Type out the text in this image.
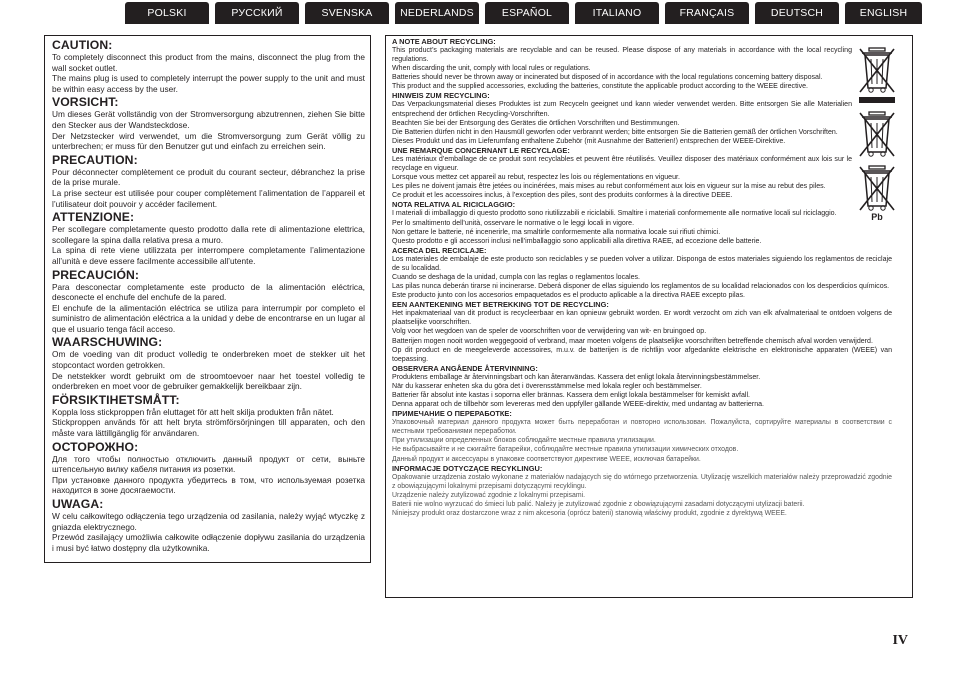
POLSKI	РУССКИЙ	SVENSKA	NEDERLANDS	ESPAÑOL	ITALIANO	FRANÇAIS	DEUTSCH	ENGLISH
CAUTION:

To completely disconnect this product from the mains, disconnect the plug from the wall socket outlet.

The mains plug is used to completely interrupt the power supply to the unit and must be within easy access by the user.

VORSICHT:

Um dieses Gerät vollständig von der Stromversorgung abzutrennen, ziehen Sie bitte den Stecker aus der Wandsteckdose.

Der Netzstecker wird verwendet, um die Stromversorgung zum Gerät völlig zu unterbrechen; er muss für den Benutzer gut und einfach zu erreichen sein.

PRECAUTION:

Pour déconnecter complètement ce produit du courant secteur, débranchez la prise de la prise murale.

La prise secteur est utilisée pour couper complètement l’alimentation de l’appareil et l’utilisateur doit pouvoir y accéder facilement.

ATTENZIONE:

Per scollegare completamente questo prodotto dalla rete di alimentazione elettrica, scollegare la spina dalla relativa presa a muro.

La spina di rete viene utilizzata per interrompere completamente l’alimentazione all’unità e deve essere facilmente accessibile all’utente.

PRECAUCIÓN:

Para desconectar completamente este producto de la alimentación eléctrica, desconecte el enchufe del enchufe de la pared.

El enchufe de la alimentación eléctrica se utiliza para interrumpir por completo el suministro de alimentación eléctrica a la unidad y debe de encontrarse en un lugar al que el usuario tenga fácil acceso.

WAARSCHUWING:

Om de voeding van dit product volledig te onderbreken moet de stekker uit het stopcontact worden getrokken.

De netstekker wordt gebruikt om de stroomtoevoer naar het toestel volledig te onderbreken en moet voor de gebruiker gemakkelijk bereikbaar zijn.

FÖRSIKTIHETSMÅTT:

Koppla loss stickproppen från eluttaget för att helt skilja produkten från nätet.

Stickproppen används för att helt bryta strömförsörjningen till apparaten, och den måste vara lättillgänglig för användaren.

ОСТОРОЖНО:

Для того чтобы полностью отключить данный продукт от сети, выньте штепсельную вилку кабеля питания из розетки.

При установке данного продукта убедитесь в том, что используемая розетка находится в зоне досягаемости.

UWAGA:

W celu całkowitego odłączenia tego urządzenia od zasilania, należy wyjąć wtyczkę z gniazda elektrycznego.

Przewód zasilający umożliwia całkowite odłączenie dopływu zasilania do urządzenia i musi być łatwo dostępny dla użytkownika.

A NOTE ABOUT RECYCLING:

This product’s packaging materials are recyclable and can be reused. Please dispose of any materials in accordance with the local recycling regulations.

When discarding the unit, comply with local rules or regulations.

Batteries should never be thrown away or incinerated but disposed of in accordance with the local regulations concerning battery disposal.

This product and the supplied accessories, excluding the batteries, constitute the applicable product according to the WEEE directive.

HINWEIS ZUM RECYCLING:

Das Verpackungsmaterial dieses Produktes ist zum Recyceln geeignet und kann wieder verwendet werden. Bitte entsorgen Sie alle Materialien entsprechend der örtlichen Recycling-Vorschriften.

Beachten Sie bei der Entsorgung des Gerätes die örtlichen Vorschriften und Bestimmungen.

Die Batterien dürfen nicht in den Hausmüll geworfen oder verbrannt werden; bitte entsorgen Sie die Batterien gemäß der örtlichen Vorschriften.

Dieses Produkt und das im Lieferumfang enthaltene Zubehör (mit Ausnahme der Batterien!) entsprechen der WEEE-Direktive.

UNE REMARQUE CONCERNANT LE RECYCLAGE:

Les matériaux d’emballage de ce produit sont recyclables et peuvent être réutilisés. Veuillez disposer des matériaux conformément aux lois sur le recyclage en vigueur.

Lorsque vous mettez cet appareil au rebut, respectez les lois ou réglementations en vigueur.

Les piles ne doivent jamais être jetées ou incinérées, mais mises au rebut conformément aux lois en vigueur sur la mise au rebut des piles.

Ce produit et les accessoires inclus, à l’exception des piles, sont des produits conformes à la directive DEEE.

NOTA RELATIVA AL RICICLAGGIO:

I materiali di imballaggio di questo prodotto sono riutilizzabili e riciclabili. Smaltire i materiali conformemente alle normative locali sul riciclaggio.

Per lo smaltimento dell’unità, osservare le normative o le leggi locali in vigore.

Non gettare le batterie, né incenerirle, ma smaltirle conformemente alla normativa locale sui rifiuti chimici.

Questo prodotto e gli accessori inclusi nell’imballaggio sono applicabili alla direttiva RAEE, ad eccezione delle batterie.

ACERCA DEL RECICLAJE:

Los materiales de embalaje de este producto son reciclables y se pueden volver a utilizar. Disponga de estos materiales siguiendo los reglamentos de reciclaje de su localidad.

Cuando se deshaga de la unidad, cumpla con las reglas o reglamentos locales.

Las pilas nunca deberán tirarse ni incinerarse. Deberá disponer de ellas siguiendo los reglamentos de su localidad relacionados con los desperdicios químicos.

Este producto junto con los accesorios empaquetados es el producto aplicable a la directiva RAEE excepto pilas.

EEN AANTEKENING MET BETREKKING TOT DE RECYCLING:

Het inpakmateriaal van dit product is recycleerbaar en kan opnieuw gebruikt worden. Er wordt verzocht om zich van elk afvalmateriaal te ontdoen volgens de plaatselijke voorschriften.

Volg voor het wegdoen van de speler de voorschriften voor de verwijdering van wit- en bruingoed op.

Batterijen mogen nooit worden weggegooid of verbrand, maar moeten volgens de plaatselijke voorschriften betreffende chemisch afval worden verwijderd.

Op dit product en de meegeleverde accessoires, m.u.v. de batterijen is de richtlijn voor afgedankte elektrische en elektronische apparaten (WEEE) van toepassing.

OBSERVERA ANGÅENDE ÅTERVINNING:

Produktens emballage är återvinningsbart och kan återanvändas. Kassera det enligt lokala återvinningsbestämmelser.

När du kasserar enheten ska du göra det i överensstämmelse med lokala regler och bestämmelser.

Batterier får absolut inte kastas i soporna eller brännas. Kassera dem enligt lokala bestämmelser för kemiskt avfall.

Denna apparat och de tillbehör som levereras med den uppfyller gällande WEEE-direktiv, med undantag av batterierna.

ПРИМЕЧАНИЕ О ПЕРЕРАБОТКЕ:

Упаковочный материал данного продукта может быть переработан и повторно использован. Пожалуйста, сортируйте материалы в соответствии с местными требованиями переработки.

При утилизации определенных блоков соблюдайте местные правила утилизации.

Не выбрасывайте и не сжигайте батарейки, соблюдайте местные правила утилизации химических отходов.

Данный продукт и аксессуары в упаковке соответствуют директиве WEEE, исключая батарейки.

INFORMACJE DOTYCZĄCE RECYKLINGU:

Opakowanie urządzenia zostało wykonane z materiałów nadających się do wtórnego przetworzenia. Utylizację wszelkich materiałów należy przeprowadzić zgodnie z obowiązującymi lokalnymi przepisami dotyczącymi recyklingu.

Urządzenie należy zutylizować zgodnie z lokalnymi przepisami.

Baterii nie wolno wyrzucać do śmieci lub palić. Należy je zutylizować zgodnie z obowiązującymi zasadami dotyczącymi utylizacji baterii.

Niniejszy produkt oraz dostarczone wraz z nim akcesoria (oprócz baterii) stanowią właściwy produkt, zgodnie z dyrektywą WEEE.

Pb
IV
